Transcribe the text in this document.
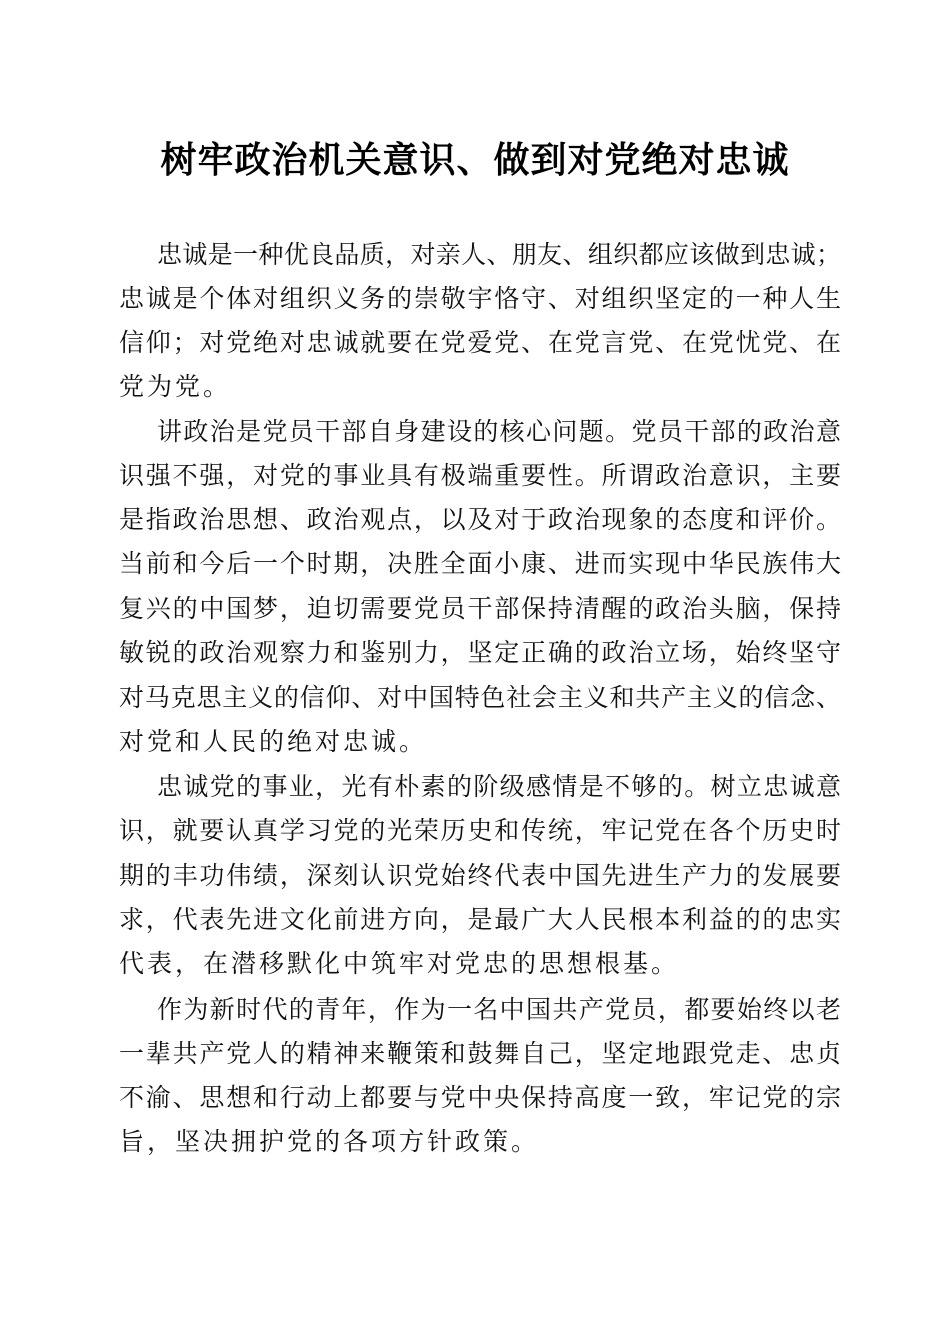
树牢政治机关意识、做到对党绝对忠诚
忠诚是一种优良品质，对亲人、朋友、组织都应该做到忠诚；
忠诚是个体对组织义务的崇敬宇恪守、对组织坚定的一种人生
信仰；对党绝对忠诚就要在党爱党、在党言党、在党忧党、在
党为党。
讲政治是党员干部自身建设的核心问题。党员干部的政治意
识强不强，对党的事业具有极端重要性。所谓政治意识，主要
是指政治思想、政治观点，以及对于政治现象的态度和评价。
当前和今后一个时期，决胜全面小康、进而实现中华民族伟大
复兴的中国梦，迫切需要党员干部保持清醒的政治头脑，保持
敏锐的政治观察力和鉴别力，坚定正确的政治立场，始终坚守
对马克思主义的信仰、对中国特色社会主义和共产主义的信念、
对党和人民的绝对忠诚。
忠诚党的事业，光有朴素的阶级感情是不够的。树立忠诚意
识，就要认真学习党的光荣历史和传统，牢记党在各个历史时
期的丰功伟绩，深刻认识党始终代表中国先进生产力的发展要
求，代表先进文化前进方向，是最广大人民根本利益的的忠实
代表，在潜移默化中筑牢对党忠的思想根基。
作为新时代的青年，作为一名中国共产党员，都要始终以老
一辈共产党人的精神来鞭策和鼓舞自己，坚定地跟党走、忠贞
不渝、思想和行动上都要与党中央保持高度一致，牢记党的宗
旨，坚决拥护党的各项方针政策。
